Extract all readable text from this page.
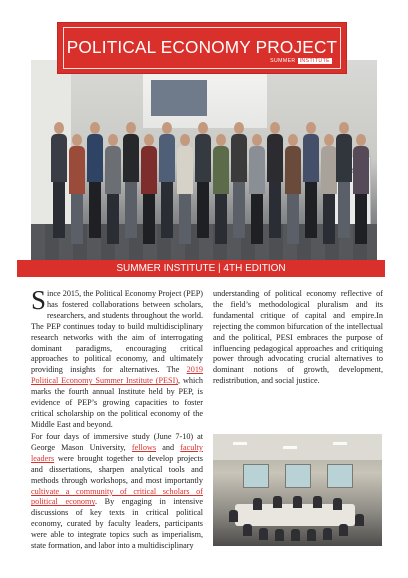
POLITICAL ECONOMY PROJECT
SUMMER INSTITUTE
SUMMER INSTITUTE | 4TH EDITION

Since 2015, the Political Economy Project (PEP) has fostered collaborations between scholars, researchers, and students throughout the world. The PEP continues today to build multidisciplinary research networks with the aim of interrogating dominant paradigms, encouraging critical approaches to political economy, and ultimately providing insights for alternatives. The 2019 Political Economy Summer Institute (PESI), which marks the fourth annual Institute held by PEP, is evidence of PEP’s growing capacities to foster critical scholarship on the political economy of the Middle East and beyond.

For four days of immersive study (June 7-10) at George Mason University, fellows and faculty leaders were brought together to develop projects and dissertations, sharpen analytical tools and methods through workshops, and most importantly cultivate a community of critical scholars of political economy. By engaging in intensive discussions of key texts in critical political economy, curated by faculty leaders, participants were able to integrate topics such as imperialism, state formation, and labor into a multidisciplinary

understanding of political economy reflective of the field’s methodological pluralism and its fundamental critique of capital and empire.In rejecting the common bifurcation of the intellectual and the political, PESI embraces the purpose of influencing pedagogical approaches and critiquing power through advocating crucial alternatives to dominant notions of growth, development, redistribution, and social justice.
